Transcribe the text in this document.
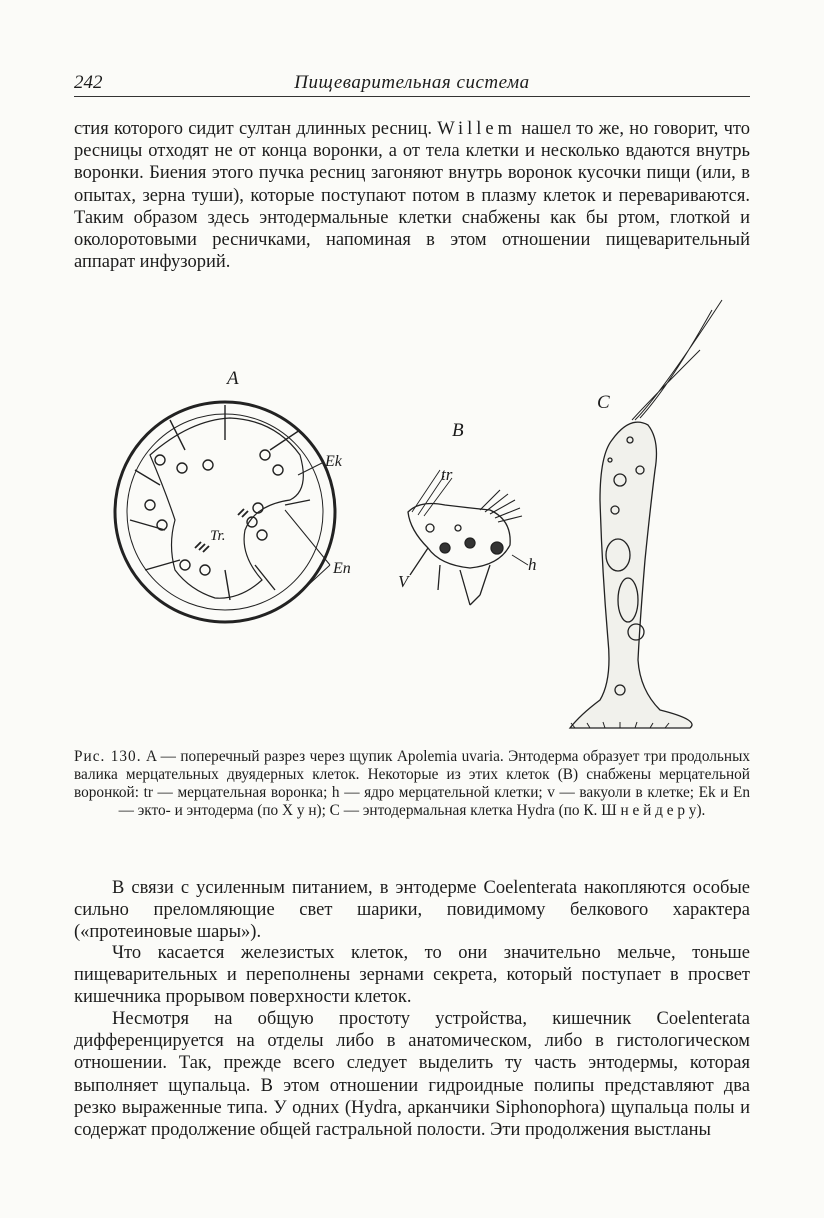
242	Пищеварительная система
стия которого сидит султан длинных ресниц. Willem нашел то же, но говорит, что ресницы отходят не от конца воронки, а от тела клетки и несколько вдаются внутрь воронки. Биения этого пучка ресниц загоняют внутрь воронок кусочки пищи (или, в опытах, зерна туши), которые поступают потом в плазму клеток и перевариваются. Таким образом здесь энтодермальные клетки снабжены как бы ртом, глоткой и околоротовыми ресничками, напоминая в этом отношении пищеварительный аппарат инфузорий.
A
B
C
Ek
En
Tr.
tr
h
V
Рис. 130. A — поперечный разрез через щупик Apolemia uvaria. Энтодерма образует три продольных валика мерцательных двуядерных клеток. Некоторые из этих клеток (B) снабжены мерцательной воронкой: tr — мерцательная воронка; h — ядро мерцательной клетки; v — вакуоли в клетке; Ek и En — экто- и энтодерма (по Х у н); C — энтодермальная клетка Hydra (по К. Ш н е й д е р у).
В связи с усиленным питанием, в энтодерме Coelenterata накопляются особые сильно преломляющие свет шарики, повидимому белкового характера («протеиновые шары»).
Что касается железистых клеток, то они значительно мельче, тоньше пищеварительных и переполнены зернами секрета, который поступает в просвет кишечника прорывом поверхности клеток.
Несмотря на общую простоту устройства, кишечник Coelenterata дифференцируется на отделы либо в анатомическом, либо в гистологическом отношении. Так, прежде всего следует выделить ту часть энтодермы, которая выполняет щупальца. В этом отношении гидроидные полипы представляют два резко выраженные типа. У одних (Hydra, арканчики Siphonophora) щупальца полы и содержат продолжение общей гастральной полости. Эти продолжения выстланы
